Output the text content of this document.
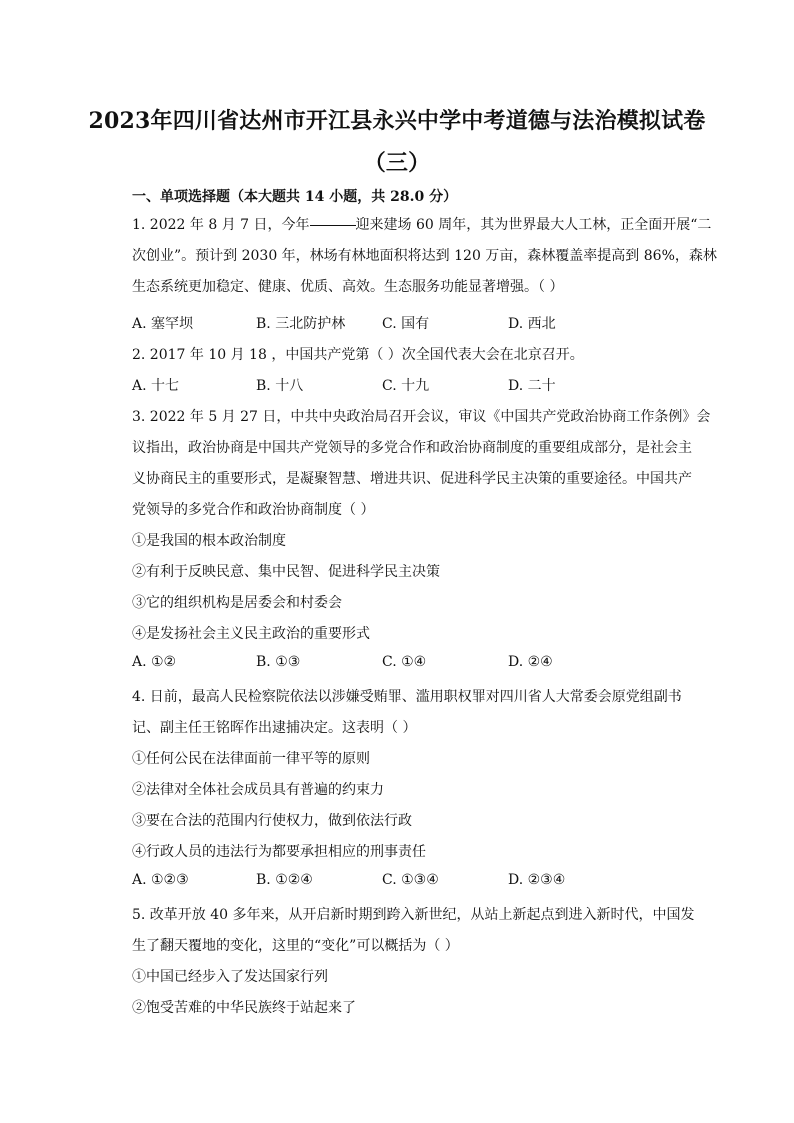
2023年四川省达州市开江县永兴中学中考道德与法治模拟试卷
（三）
一、单项选择题（本大题共 14 小题，共 28.0 分）
1. 2022 年 8 月 7 日，今年	迎来建场 60 周年，其为世界最大人工林，正全面开展“二
次创业”。预计到 2030 年，林场有林地面积将达到 120 万亩，森林覆盖率提高到 86%，森林
生态系统更加稳定、健康、优质、高效。生态服务功能显著增强。（ ）
A. 塞罕坝	B. 三北防护林	C. 国有	D. 西北
2. 2017 年 10 月 18 ，中国共产党第（ ）次全国代表大会在北京召开。
A. 十七	B. 十八	C. 十九	D. 二十
3. 2022 年 5 月 27 日，中共中央政治局召开会议，审议《中国共产党政治协商工作条例》会
议指出，政治协商是中国共产党领导的多党合作和政治协商制度的重要组成部分，是社会主
义协商民主的重要形式，是凝聚智慧、增进共识、促进科学民主决策的重要途径。中国共产
党领导的多党合作和政治协商制度（ ）
①是我国的根本政治制度
②有利于反映民意、集中民智、促进科学民主决策
③它的组织机构是居委会和村委会
④是发扬社会主义民主政治的重要形式
A. ①②	B. ①③	C. ①④	D. ②④
4. 日前，最高人民检察院依法以涉嫌受贿罪、滥用职权罪对四川省人大常委会原党组副书
记、副主任王铭晖作出逮捕决定。这表明（ ）
①任何公民在法律面前一律平等的原则
②法律对全体社会成员具有普遍的约束力
③要在合法的范围内行使权力，做到依法行政
④行政人员的违法行为都要承担相应的刑事责任
A. ①②③	B. ①②④	C. ①③④	D. ②③④
5. 改革开放 40 多年来，从开启新时期到跨入新世纪，从站上新起点到进入新时代，中国发
生了翻天覆地的变化，这里的“变化”可以概括为（ ）
①中国已经步入了发达国家行列
②饱受苦难的中华民族终于站起来了
